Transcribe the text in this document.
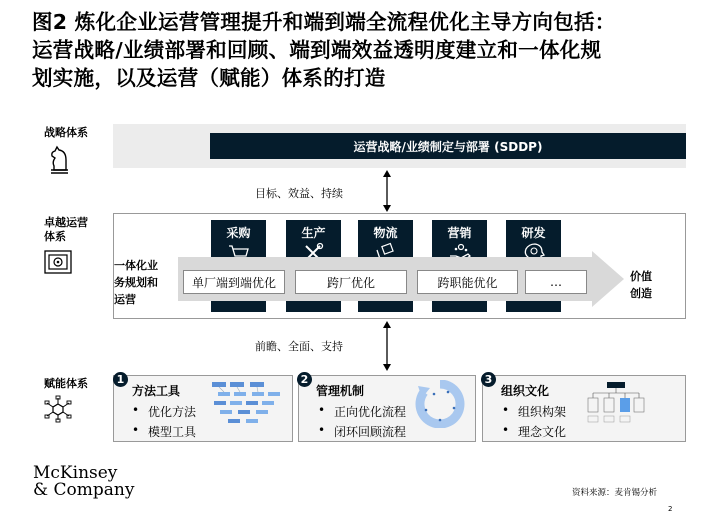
图2 炼化企业运营管理提升和端到端全流程优化主导方向包括：
运营战略/业绩部署和回顾、端到端效益透明度建立和一体化规
划实施，以及运营（赋能）体系的打造
战略体系
运营战略/业绩制定与部署 (SDDP)
目标、效益、持续
卓越运营
体系	采购	生产	物流	营销	研发
一体化业
务规划和
运营
单厂端到端优化	跨厂优化	跨职能优化	…	价值
创造
前瞻、全面、支持
赋能体系	1
方法工具
• 优化方法
• 模型工具
2
管理机制
• 正向优化流程
• 闭环回顾流程
3
组织文化
• 组织构架
• 理念文化
McKinsey
& Company	资料来源：麦肯锡分析
2
